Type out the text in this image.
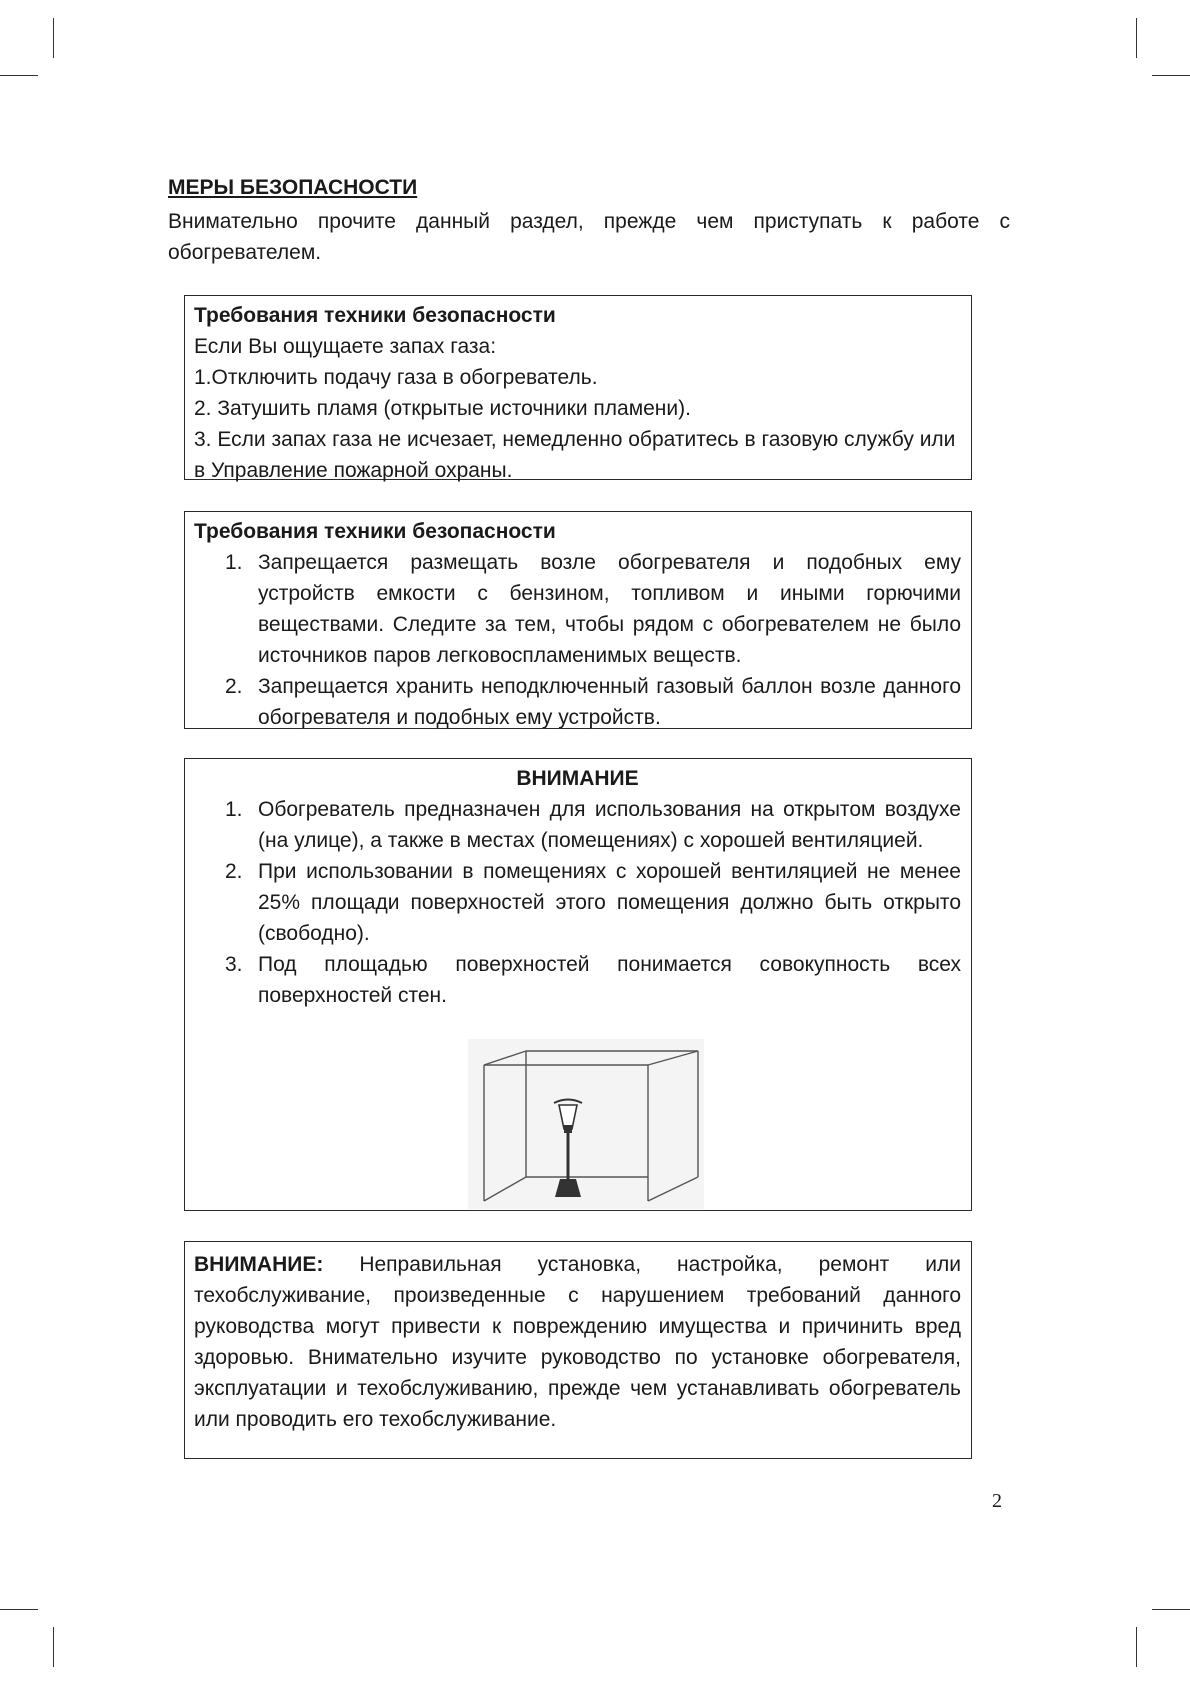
МЕРЫ БЕЗОПАСНОСТИ

Внимательно прочите данный раздел, прежде чем приступать к работе с обогревателем.

Требования техники безопасности

Если Вы ощущаете запах газа:

1.Отключить подачу газа в обогреватель.

2. Затушить пламя (открытые источники пламени).

3. Если запах газа не исчезает, немедленно обратитесь в газовую службу или в Управление пожарной охраны.

Требования техники безопасности

1. Запрещается размещать возле обогревателя и подобных ему устройств емкости с бензином, топливом и иными горючими веществами. Следите за тем, чтобы рядом с обогревателем не было источников паров легковоспламенимых веществ.
2. Запрещается хранить неподключенный газовый баллон возле данного обогревателя и подобных ему устройств.

ВНИМАНИЕ

1. Обогреватель предназначен для использования на открытом воздухе (на улице), а также в местах (помещениях) с хорошей вентиляцией.
2. При использовании в помещениях с хорошей вентиляцией не менее 25% площади поверхностей этого помещения должно быть открыто (свободно).
3. Под площадью поверхностей понимается совокупность всех поверхностей стен.

ВНИМАНИЕ: Неправильная установка, настройка, ремонт или техобслуживание, произведенные с нарушением требований данного руководства могут привести к повреждению имущества и причинить вред здоровью. Внимательно изучите руководство по установке обогревателя, эксплуатации и техобслуживанию, прежде чем устанавливать обогреватель или проводить его техобслуживание.

2
